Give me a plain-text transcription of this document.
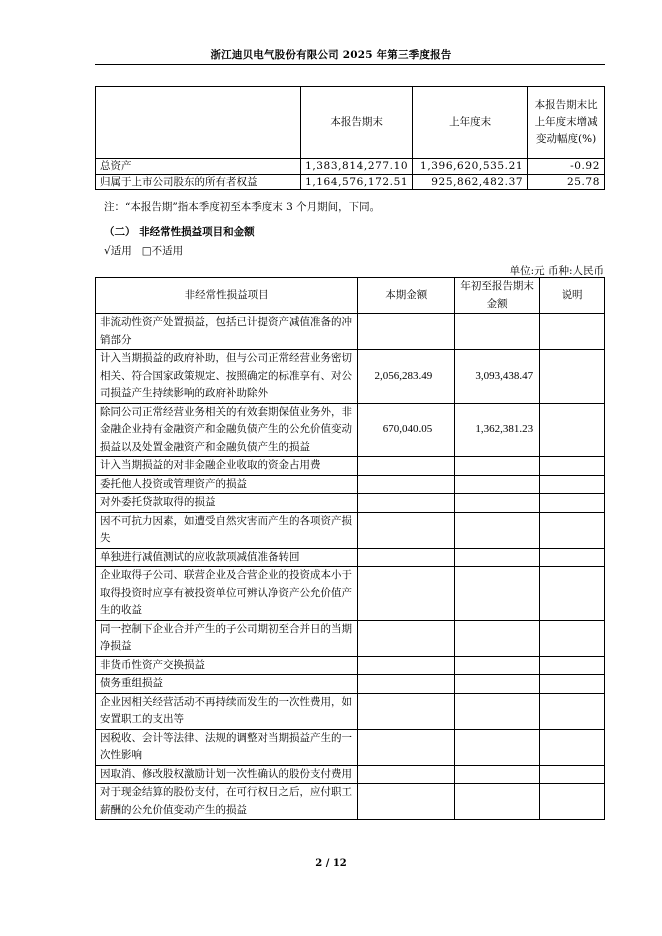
浙江迪贝电气股份有限公司 2025 年第三季度报告
	本报告期末	上年度末	本报告期末比上年度末增减变动幅度(%)
总资产	1,383,814,277.10	1,396,620,535.21	-0.92
归属于上市公司股东的所有者权益	1,164,576,172.51	925,862,482.37	25.78
注：“本报告期”指本季度初至本季度末 3 个月期间，下同。
（二） 非经常性损益项目和金额
√适用 □不适用
单位:元 币种:人民币
非经常性损益项目	本期金额	年初至报告期末金额	说明
非流动性资产处置损益，包括已计提资产减值准备的冲销部分			
计入当期损益的政府补助，但与公司正常经营业务密切相关、符合国家政策规定、按照确定的标准享有、对公司损益产生持续影响的政府补助除外	2,056,283.49	3,093,438.47	
除同公司正常经营业务相关的有效套期保值业务外，非金融企业持有金融资产和金融负债产生的公允价值变动损益以及处置金融资产和金融负债产生的损益	670,040.05	1,362,381.23	
计入当期损益的对非金融企业收取的资金占用费			
委托他人投资或管理资产的损益			
对外委托贷款取得的损益			
因不可抗力因素，如遭受自然灾害而产生的各项资产损失			
单独进行减值测试的应收款项减值准备转回			
企业取得子公司、联营企业及合营企业的投资成本小于取得投资时应享有被投资单位可辨认净资产公允价值产生的收益			
同一控制下企业合并产生的子公司期初至合并日的当期净损益			
非货币性资产交换损益			
债务重组损益			
企业因相关经营活动不再持续而发生的一次性费用，如安置职工的支出等			
因税收、会计等法律、法规的调整对当期损益产生的一次性影响			
因取消、修改股权激励计划一次性确认的股份支付费用			
对于现金结算的股份支付，在可行权日之后，应付职工薪酬的公允价值变动产生的损益			
2 / 12
